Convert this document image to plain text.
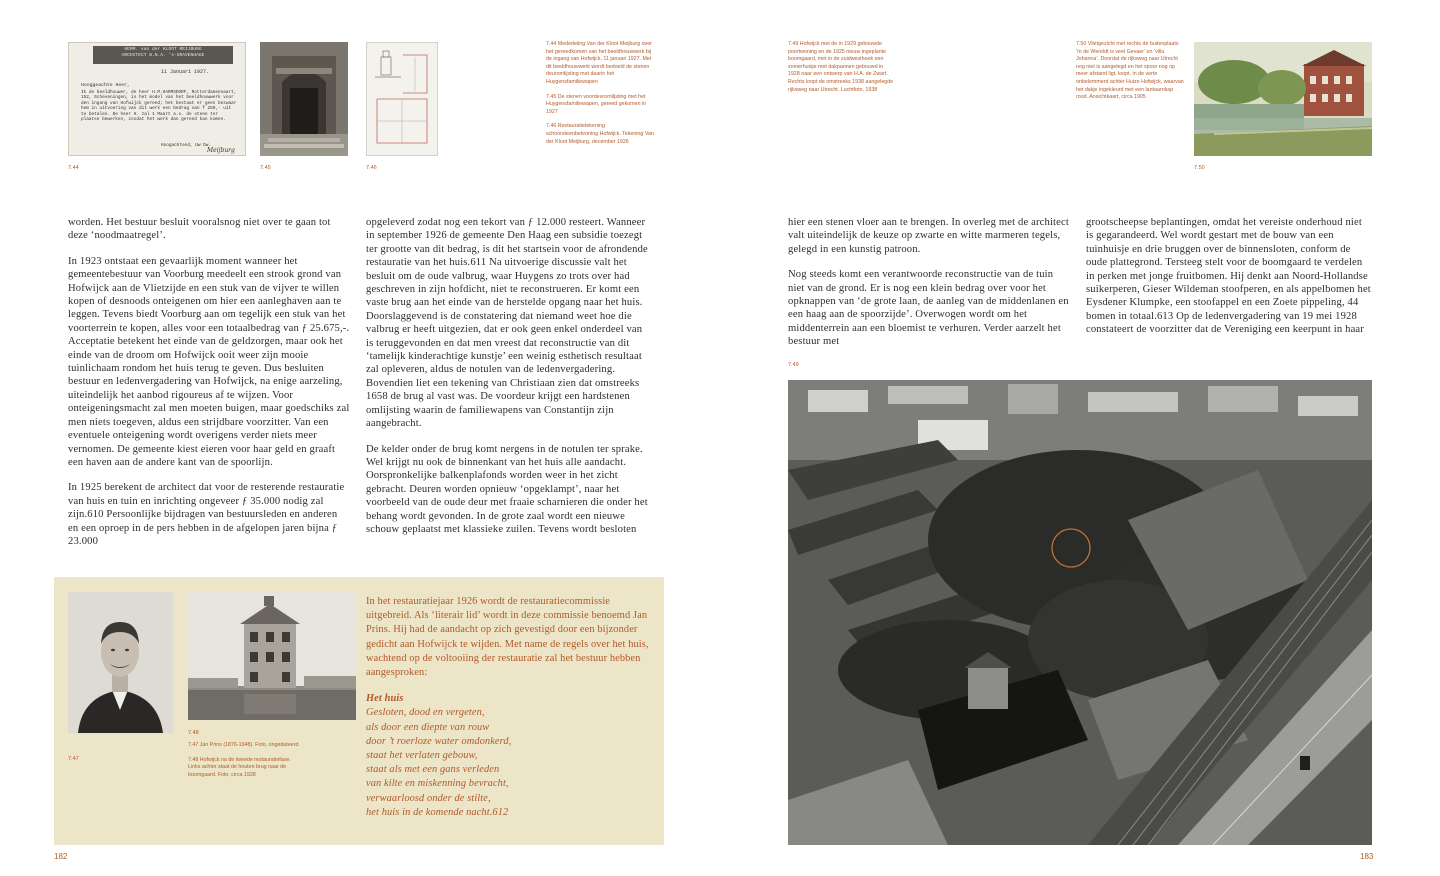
HERM. van der KLOOT MEIJBURG
ARCHITECT B.N.A. 's-GRAVENHAGE
11 Januari 1927.
Hooggeachte Heer,
Ik de beeldhouwer, de heer H.M.HARMSDORF, Rotterdamsevaart, 152, Scheveningen, is het model van het beeldhouwwerk voor den ingang van Hofwijck gereed; het bestaat er geen bezwaar hem in uitvoering van dit werk een bedrag van f 250,- uit te betalen. De heer H. zal 1 Maart a.s. de steen ter plaatse bewerken, zoodat het werk dan gereed kan komen.
Hoogachtend, Uw Dw.
Meijburg
7.44	7.45	7.46

7.44 Mededeling Van der Kloot Meijburg over het gereedkomen van het beeldhouwwerk bij de ingang van Hofwijck, 11 januari 1927. Met dit beeldhouwwerk wordt bedoeld de stenen deuromlijsting met daarin het Huygensfamiliewapen

7.45 De stenen voordeuromlijsting met het Huygensfamiliewapen, gereed gekomen in 1927

7.46 Restauratietekening schoorsteenbekroning Hofwijck. Tekening Van der Kloot Meijburg, december 1926

worden. Het bestuur besluit vooralsnog niet over te gaan tot deze ‘noodmaatregel’.

In 1923 ontstaat een gevaarlijk moment wanneer het gemeentebestuur van Voorburg meedeelt een strook grond van Hofwijck aan de Vlietzijde en een stuk van de vijver te willen kopen of desnoods onteigenen om hier een aanleghaven aan te leggen. Tevens biedt Voorburg aan om tegelijk een stuk van het voorterrein te kopen, alles voor een totaalbedrag van ƒ 25.675,-. Acceptatie betekent het einde van de geldzorgen, maar ook het einde van de droom om Hofwijck ooit weer zijn mooie tuinlichaam rondom het huis terug te geven. Dus besluiten bestuur en ledenvergadering van Hofwijck, na enige aarzeling, uiteindelijk het aanbod rigoureus af te wijzen. Voor onteigeningsmacht zal men moeten buigen, maar goedschiks zal men niets toegeven, aldus een strijdbare voorzitter. Van een eventuele onteigening wordt overigens verder niets meer vernomen. De gemeente kiest eieren voor haar geld en graaft een haven aan de andere kant van de spoorlijn.

In 1925 berekent de architect dat voor de resterende restauratie van huis en tuin en inrichting ongeveer ƒ 35.000 nodig zal zijn.610 Persoonlijke bijdragen van bestuursleden en anderen en een oproep in de pers hebben in de afgelopen jaren bijna ƒ 23.000

opgeleverd zodat nog een tekort van ƒ 12.000 resteert. Wanneer in september 1926 de gemeente Den Haag een subsidie toezegt ter grootte van dit bedrag, is dit het startsein voor de afrondende restauratie van het huis.611 Na uitvoerige discussie valt het besluit om de oude valbrug, waar Huygens zo trots over had geschreven in zijn hofdicht, niet te reconstrueren. Er komt een vaste brug aan het einde van de herstelde opgang naar het huis. Doorslaggevend is de constatering dat niemand weet hoe die valbrug er heeft uitgezien, dat er ook geen enkel onderdeel van is teruggevonden en dat men vreest dat reconstructie van dit ‘tamelijk kinderachtige kunstje’ een weinig esthetisch resultaat zal opleveren, aldus de notulen van de ledenvergadering. Bovendien liet een tekening van Christiaan zien dat omstreeks 1658 de brug al vast was. De voordeur krijgt een hardstenen omlijsting waarin de familiewapens van Constantijn zijn aangebracht.

De kelder onder de brug komt nergens in de notulen ter sprake. Wel krijgt nu ook de binnenkant van het huis alle aandacht. Oorspronkelijke balkenplafonds worden weer in het zicht gebracht. Deuren worden opnieuw ‘opgeklampt’, naar het voorbeeld van de oude deur met fraaie scharnieren die onder het behang wordt gevonden. In de grote zaal wordt een nieuwe schouw geplaatst met klassieke zuilen. Tevens wordt besloten

7.47
7.48

7.47 Jan Prins (1876-1948). Foto, ongedateerd

7.48 Hofwijck na de tweede restauratiefase. Links achter staat de houten brug naar de boomgaard. Foto, circa 1928

In het restauratiejaar 1926 wordt de restauratiecommissie uitgebreid. Als ‘literair lid’ wordt in deze commissie benoemd Jan Prins. Hij had de aandacht op zich gevestigd door een bijzonder gedicht aan Hofwijck te wijden. Met name de regels over het huis, wachtend op de voltooiing der restauratie zal het bestuur hebben aangesproken:
Het huis
Gesloten, dood en vergeten,
als door een diepte van rouw
door ’t roerloze water omdonkerd,
staat het verlaten gebouw,
staat als met een gans verleden
van kilte en miskenning bevracht,
verwaarloosd onder de stilte,
het huis in de komende nacht.612
182

7.49 Hofwijck met de in 1929 gebouwde poortwoning en de 1925 nieuw ingeplante boomgaard, met in de zuidwesthoek een zomerhuisje met dakpannen gebouwd in 1928 naar een ontwerp van H.A. de Zwart. Rechts loopt de omstreeks 1938 aangelegde rijksweg naar Utrecht. Luchtfoto, 1938

7.50 Vlietgezicht met rechts de buitenplaats ‘In de Wereldt is veel Gevaer’ en ‘villa Johanna’. Doordat de rijksweg naar Utrecht nog niet is aangelegd en het spoor nog op meer afstand ligt, loopt, in de verte onbelemmerd achter Huize Hofwijck, waarvan het dakje ingekleurd met een lantaarnkap rood. Ansichtkaart, circa 1905

7.50

hier een stenen vloer aan te brengen. In overleg met de architect valt uiteindelijk de keuze op zwarte en witte marmeren tegels, gelegd in een kunstig patroon.

Nog steeds komt een verantwoorde reconstructie van de tuin niet van de grond. Er is nog een klein bedrag over voor het opknappen van ‘de grote laan, de aanleg van de middenlanen en een haag aan de spoorzijde’. Overwogen wordt om het middenterrein aan een bloemist te verhuren. Verder aarzelt het bestuur met

grootscheepse beplantingen, omdat het vereiste onderhoud niet is gegarandeerd. Wel wordt gestart met de bouw van een tuinhuisje en drie bruggen over de binnensloten, conform de oude plattegrond. Tersteeg stelt voor de boomgaard te verdelen in perken met jonge fruitbomen. Hij denkt aan Noord-Hollandse suikerperen, Gieser Wildeman stoofperen, en als appelbomen het Eysdener Klumpke, een stoofappel en een Zoete pippeling, 44 bomen in totaal.613 Op de ledenvergadering van 19 mei 1928 constateert de voorzitter dat de Vereniging een keerpunt in haar

7.49
183
